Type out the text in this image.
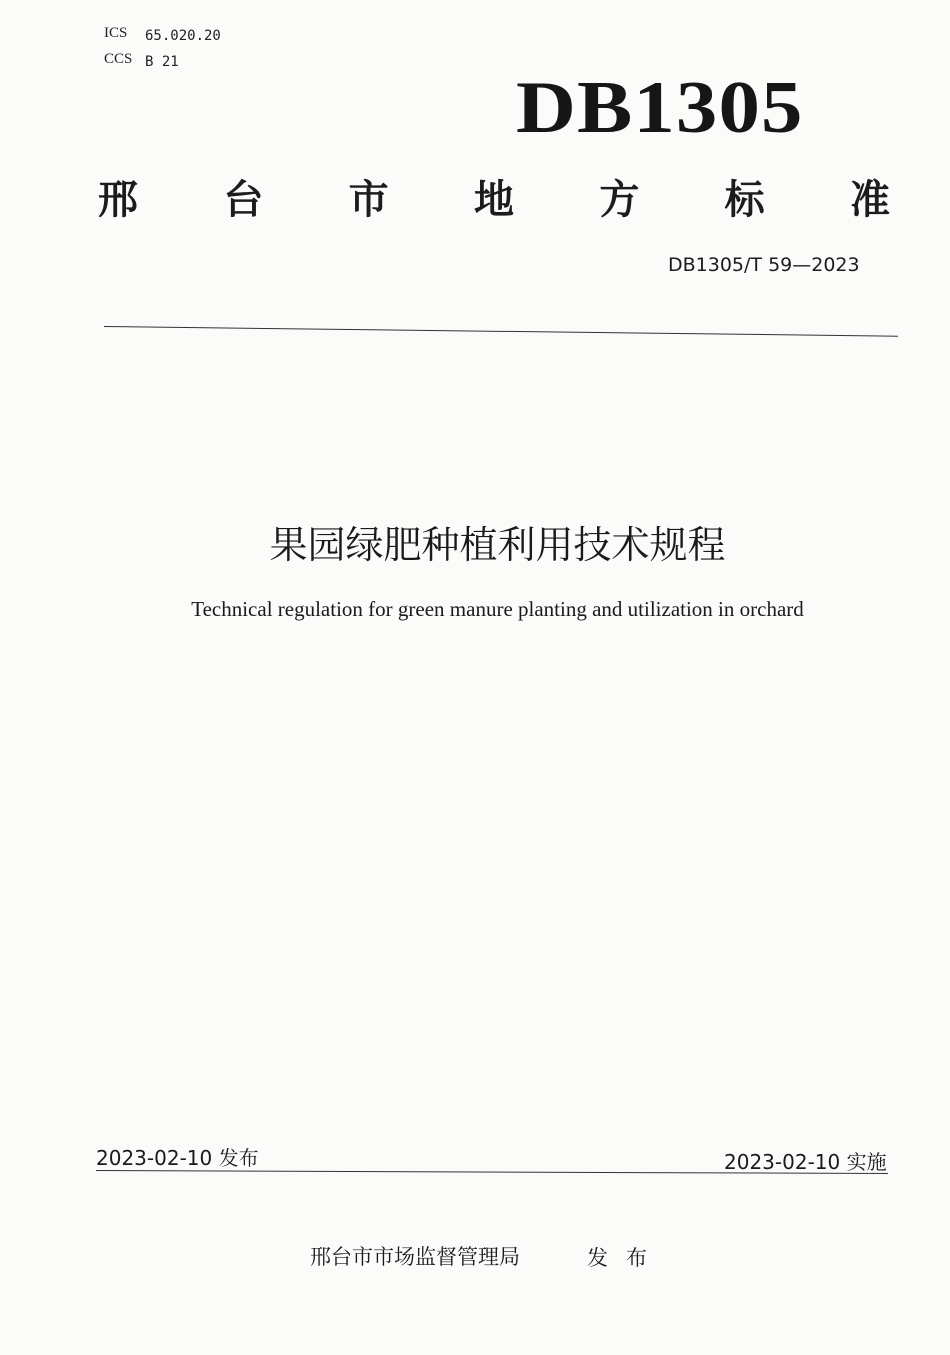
ICS 65.020.20
CCS B 21
DB1305
邢 台 市 地 方 标 准
DB1305/T 59—2023
果园绿肥种植利用技术规程
Technical regulation for green manure planting and utilization in orchard
2023-02-10 发布	2023-02-10 实施
邢台市市场监督管理局	发布
